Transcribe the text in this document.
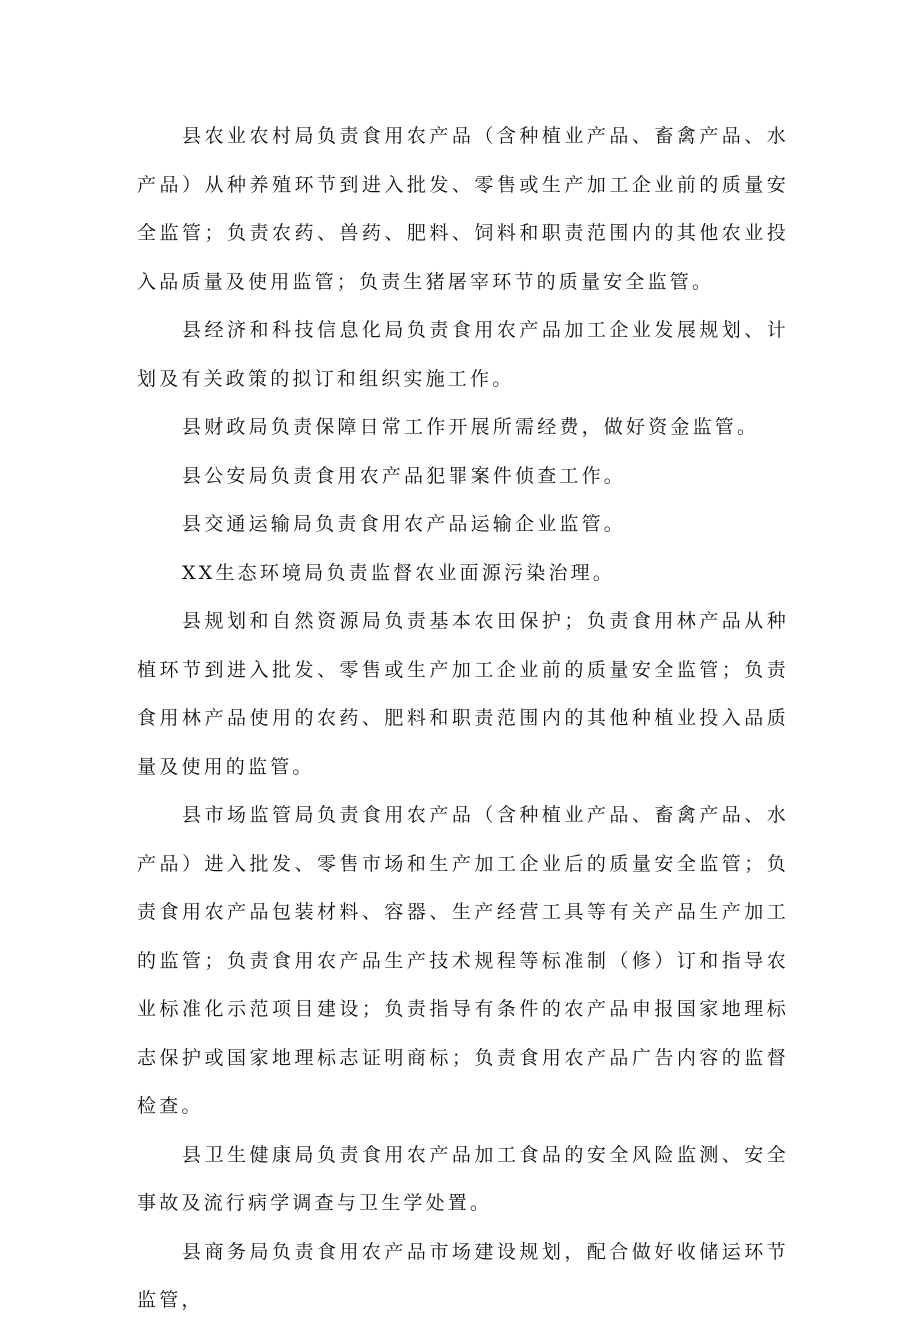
县农业农村局负责食用农产品（含种植业产品、畜禽产品、水产品）从种养殖环节到进入批发、零售或生产加工企业前的质量安全监管；负责农药、兽药、肥料、饲料和职责范围内的其他农业投入品质量及使用监管；负责生猪屠宰环节的质量安全监管。

县经济和科技信息化局负责食用农产品加工企业发展规划、计划及有关政策的拟订和组织实施工作。

县财政局负责保障日常工作开展所需经费，做好资金监管。

县公安局负责食用农产品犯罪案件侦查工作。

县交通运输局负责食用农产品运输企业监管。

XX生态环境局负责监督农业面源污染治理。

县规划和自然资源局负责基本农田保护；负责食用林产品从种植环节到进入批发、零售或生产加工企业前的质量安全监管；负责食用林产品使用的农药、肥料和职责范围内的其他种植业投入品质量及使用的监管。

县市场监管局负责食用农产品（含种植业产品、畜禽产品、水产品）进入批发、零售市场和生产加工企业后的质量安全监管；负责食用农产品包装材料、容器、生产经营工具等有关产品生产加工的监管；负责食用农产品生产技术规程等标准制（修）订和指导农业标准化示范项目建设；负责指导有条件的农产品申报国家地理标志保护或国家地理标志证明商标；负责食用农产品广告内容的监督检查。

县卫生健康局负责食用农产品加工食品的安全风险监测、安全事故及流行病学调查与卫生学处置。

县商务局负责食用农产品市场建设规划，配合做好收储运环节监管，
